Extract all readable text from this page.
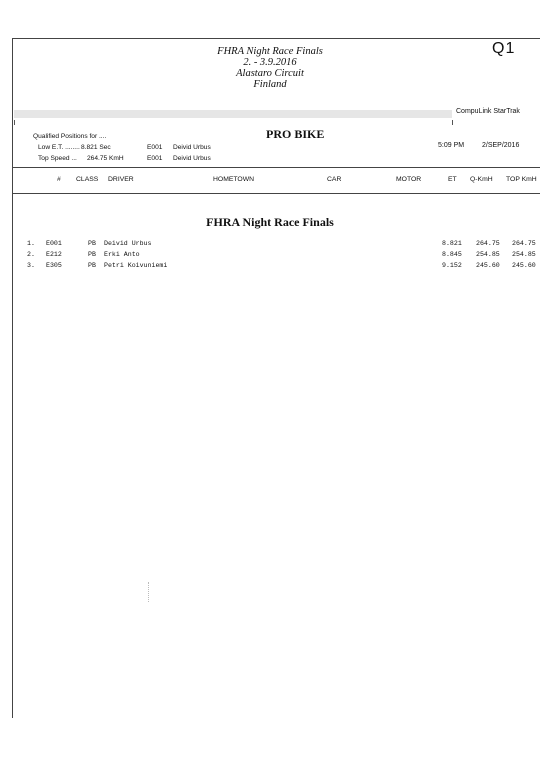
FHRA Night Race Finals
2. - 3.9.2016
Alastaro Circuit
Finland
Q1
CompuLink StarTrak
Qualified Positions for ....
Low E.T. ........ 8.821 Sec	E001 Deivid Urbus
Top Speed ... 264.75 KmH	E001 Deivid Urbus
PRO BIKE
5:09 PM	2/SEP/2016
# CLASS DRIVER	HOMETOWN	CAR	MOTOR	ET Q-KmH TOP KmH
FHRA Night Race Finals
1. E001	PB Deivid Urbus	8.821 264.75 264.75
2. E212	PB Erki Anto	8.845 254.85 254.85
3. E305	PB Petri Koivuniemi	9.152 245.60 245.60
